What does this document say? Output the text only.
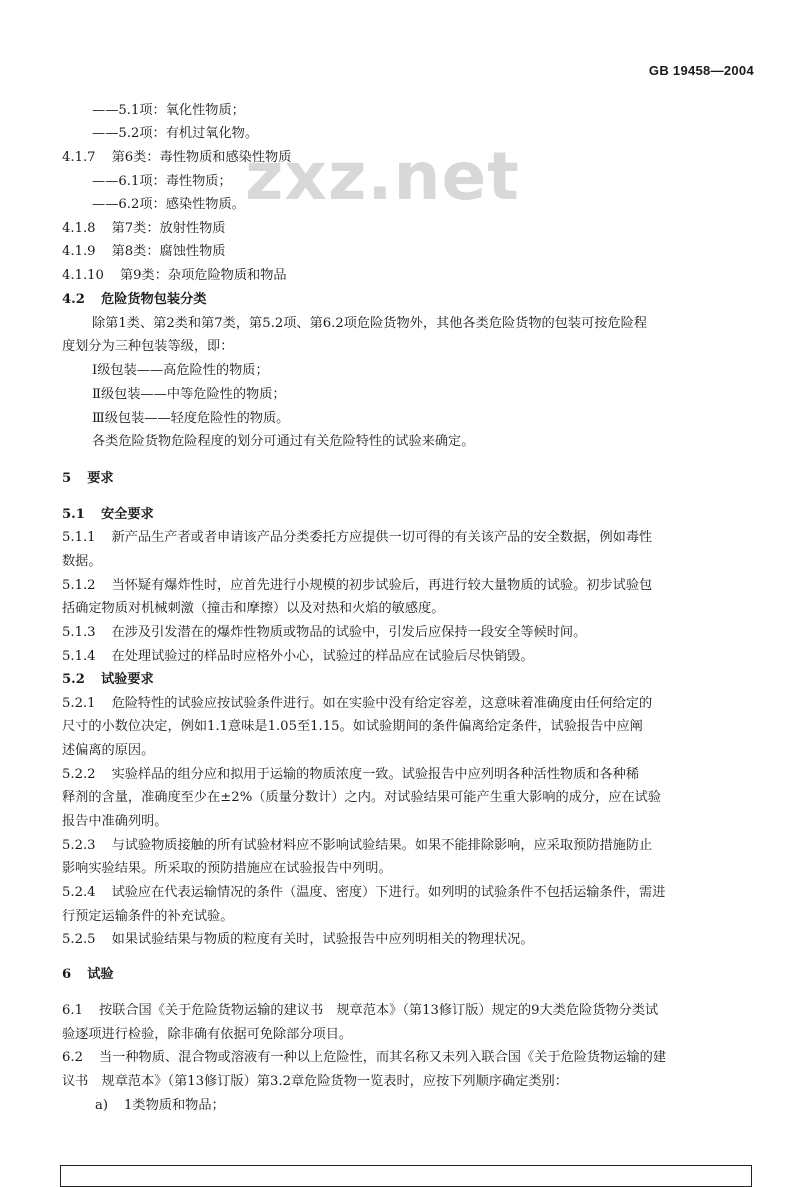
GB 19458—2004
zxz.net
——5.1项：氧化性物质；
——5.2项：有机过氧化物。
4.1.7 第6类：毒性物质和感染性物质
——6.1项：毒性物质；
——6.2项：感染性物质。
4.1.8 第7类：放射性物质
4.1.9 第8类：腐蚀性物质
4.1.10 第9类：杂项危险物质和物品
4.2 危险货物包装分类
除第1类、第2类和第7类，第5.2项、第6.2项危险货物外，其他各类危险货物的包装可按危险程
度划分为三种包装等级，即：
Ⅰ级包装——高危险性的物质；
Ⅱ级包装——中等危险性的物质；
Ⅲ级包装——轻度危险性的物质。
各类危险货物危险程度的划分可通过有关危险特性的试验来确定。
5 要求
5.1 安全要求
5.1.1 新产品生产者或者申请该产品分类委托方应提供一切可得的有关该产品的安全数据，例如毒性
数据。
5.1.2 当怀疑有爆炸性时，应首先进行小规模的初步试验后，再进行较大量物质的试验。初步试验包
括确定物质对机械刺激（撞击和摩擦）以及对热和火焰的敏感度。
5.1.3 在涉及引发潜在的爆炸性物质或物品的试验中，引发后应保持一段安全等候时间。
5.1.4 在处理试验过的样品时应格外小心，试验过的样品应在试验后尽快销毁。
5.2 试验要求
5.2.1 危险特性的试验应按试验条件进行。如在实验中没有给定容差，这意味着准确度由任何给定的
尺寸的小数位决定，例如1.1意味是1.05至1.15。如试验期间的条件偏离给定条件，试验报告中应阐
述偏离的原因。
5.2.2 实验样品的组分应和拟用于运输的物质浓度一致。试验报告中应列明各种活性物质和各种稀
释剂的含量，准确度至少在±2%（质量分数计）之内。对试验结果可能产生重大影响的成分，应在试验
报告中准确列明。
5.2.3 与试验物质接触的所有试验材料应不影响试验结果。如果不能排除影响，应采取预防措施防止
影响实验结果。所采取的预防措施应在试验报告中列明。
5.2.4 试验应在代表运输情况的条件（温度、密度）下进行。如列明的试验条件不包括运输条件，需进
行预定运输条件的补充试验。
5.2.5 如果试验结果与物质的粒度有关时，试验报告中应列明相关的物理状况。
6 试验
6.1 按联合国《关于危险货物运输的建议书　规章范本》（第13修订版）规定的9大类危险货物分类试
验逐项进行检验，除非确有依据可免除部分项目。
6.2 当一种物质、混合物或溶液有一种以上危险性，而其名称又未列入联合国《关于危险货物运输的建
议书　规章范本》（第13修订版）第3.2章危险货物一览表时，应按下列顺序确定类别：
a) 1类物质和物品；
